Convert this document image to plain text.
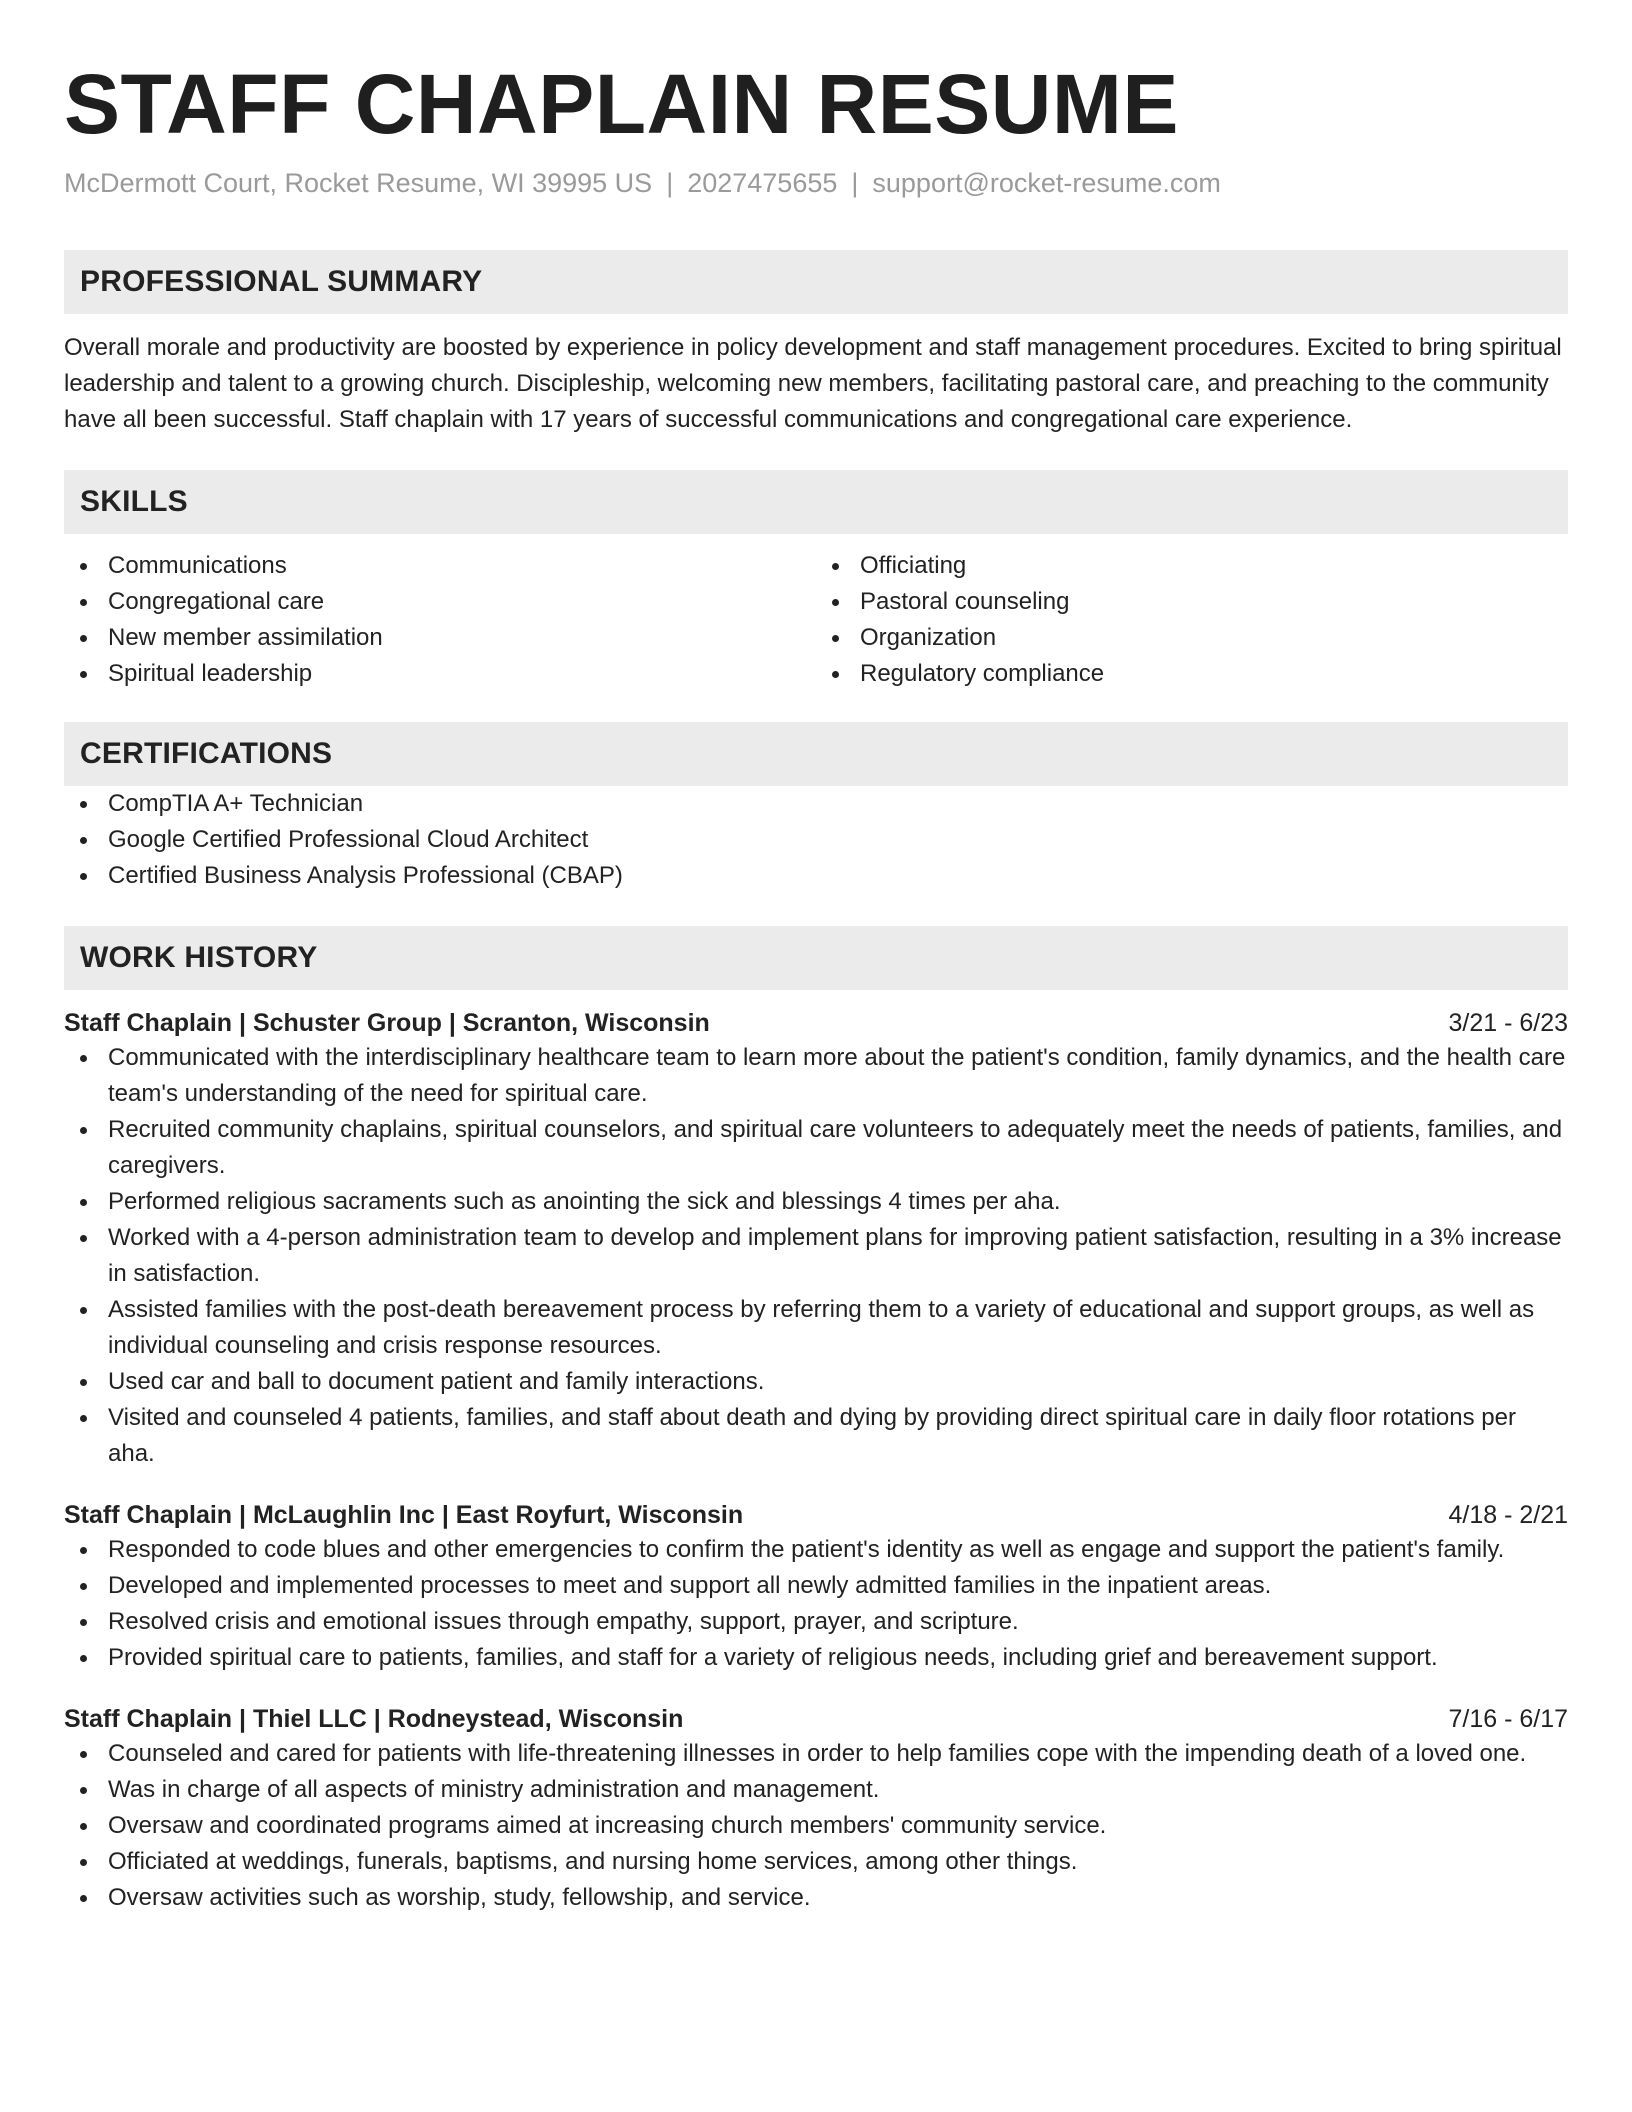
STAFF CHAPLAIN RESUME
McDermott Court, Rocket Resume, WI 39995 US | 2027475655 | support@rocket-resume.com
PROFESSIONAL SUMMARY

Overall morale and productivity are boosted by experience in policy development and staff management procedures. Excited to bring spiritual leadership and talent to a growing church. Discipleship, welcoming new members, facilitating pastoral care, and preaching to the community have all been successful. Staff chaplain with 17 years of successful communications and congregational care experience.

SKILLS
Communications
Congregational care
New member assimilation
Spiritual leadership
Officiating
Pastoral counseling
Organization
Regulatory compliance
CERTIFICATIONS
CompTIA A+ Technician
Google Certified Professional Cloud Architect
Certified Business Analysis Professional (CBAP)
WORK HISTORY
Staff Chaplain | Schuster Group | Scranton, Wisconsin	3/21 - 6/23
Communicated with the interdisciplinary healthcare team to learn more about the patient's condition, family dynamics, and the health care team's understanding of the need for spiritual care.
Recruited community chaplains, spiritual counselors, and spiritual care volunteers to adequately meet the needs of patients, families, and caregivers.
Performed religious sacraments such as anointing the sick and blessings 4 times per aha.
Worked with a 4-person administration team to develop and implement plans for improving patient satisfaction, resulting in a 3% increase in satisfaction.
Assisted families with the post-death bereavement process by referring them to a variety of educational and support groups, as well as individual counseling and crisis response resources.
Used car and ball to document patient and family interactions.
Visited and counseled 4 patients, families, and staff about death and dying by providing direct spiritual care in daily floor rotations per aha.
Staff Chaplain | McLaughlin Inc | East Royfurt, Wisconsin	4/18 - 2/21
Responded to code blues and other emergencies to confirm the patient's identity as well as engage and support the patient's family.
Developed and implemented processes to meet and support all newly admitted families in the inpatient areas.
Resolved crisis and emotional issues through empathy, support, prayer, and scripture.
Provided spiritual care to patients, families, and staff for a variety of religious needs, including grief and bereavement support.
Staff Chaplain | Thiel LLC | Rodneystead, Wisconsin	7/16 - 6/17
Counseled and cared for patients with life-threatening illnesses in order to help families cope with the impending death of a loved one.
Was in charge of all aspects of ministry administration and management.
Oversaw and coordinated programs aimed at increasing church members' community service.
Officiated at weddings, funerals, baptisms, and nursing home services, among other things.
Oversaw activities such as worship, study, fellowship, and service.
